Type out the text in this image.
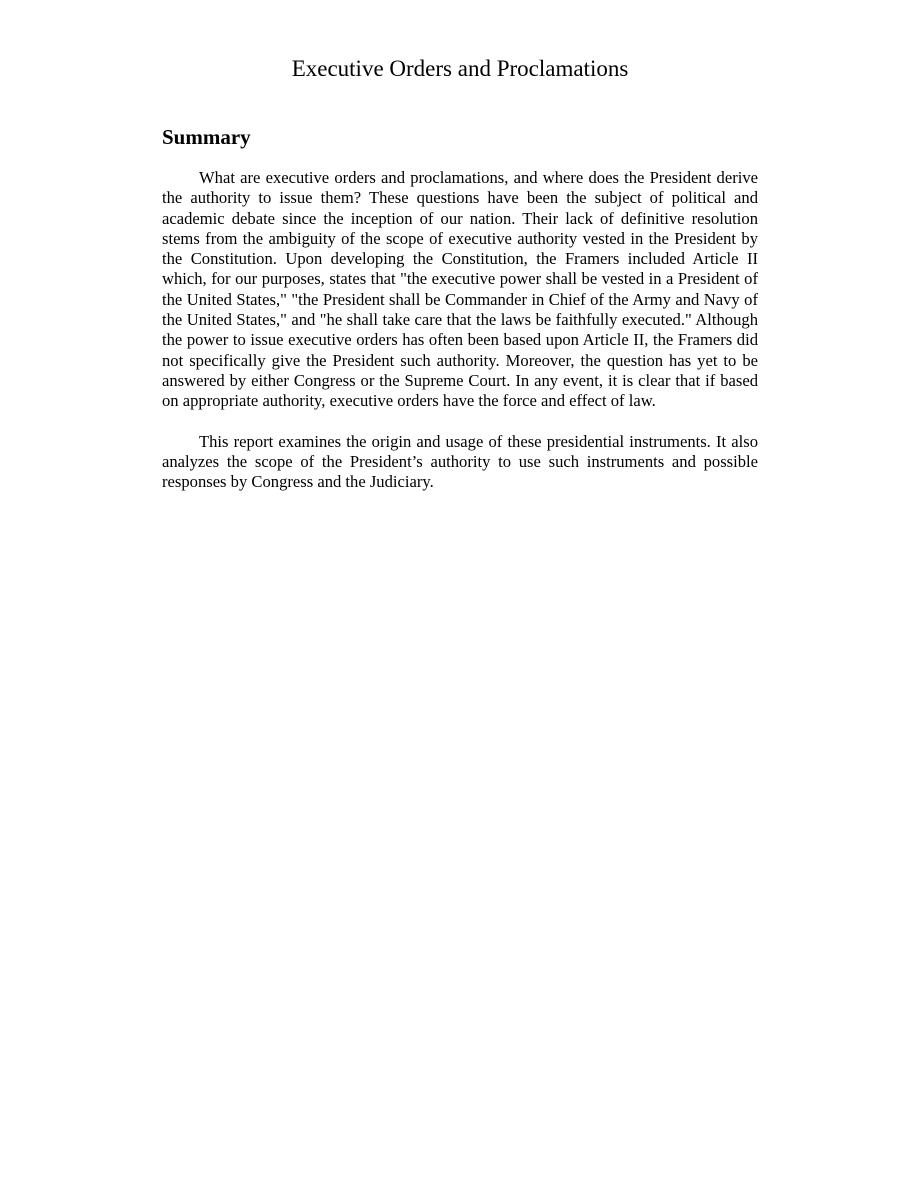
Executive Orders and Proclamations
Summary

What are executive orders and proclamations, and where does the President derive the authority to issue them? These questions have been the subject of political and academic debate since the inception of our nation. Their lack of definitive resolution stems from the ambiguity of the scope of executive authority vested in the President by the Constitution. Upon developing the Constitution, the Framers included Article II which, for our purposes, states that "the executive power shall be vested in a President of the United States," "the President shall be Commander in Chief of the Army and Navy of the United States," and "he shall take care that the laws be faithfully executed." Although the power to issue executive orders has often been based upon Article II, the Framers did not specifically give the President such authority. Moreover, the question has yet to be answered by either Congress or the Supreme Court. In any event, it is clear that if based on appropriate authority, executive orders have the force and effect of law.

This report examines the origin and usage of these presidential instruments. It also analyzes the scope of the President’s authority to use such instruments and possible responses by Congress and the Judiciary.
